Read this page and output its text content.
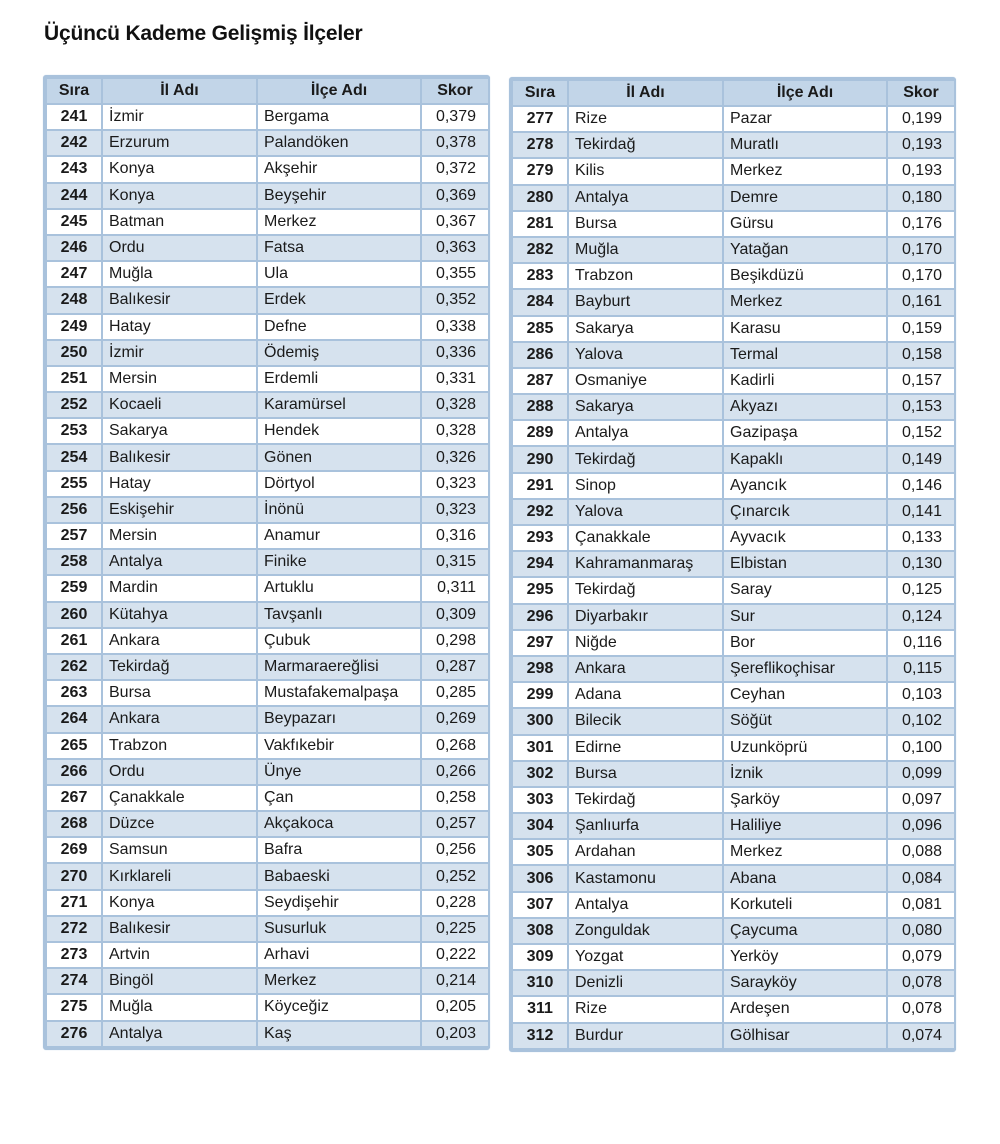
Üçüncü Kademe Gelişmiş İlçeler
Sıra	İl Adı	İlçe Adı	Skor
241	İzmir	Bergama	0,379
242	Erzurum	Palandöken	0,378
243	Konya	Akşehir	0,372
244	Konya	Beyşehir	0,369
245	Batman	Merkez	0,367
246	Ordu	Fatsa	0,363
247	Muğla	Ula	0,355
248	Balıkesir	Erdek	0,352
249	Hatay	Defne	0,338
250	İzmir	Ödemiş	0,336
251	Mersin	Erdemli	0,331
252	Kocaeli	Karamürsel	0,328
253	Sakarya	Hendek	0,328
254	Balıkesir	Gönen	0,326
255	Hatay	Dörtyol	0,323
256	Eskişehir	İnönü	0,323
257	Mersin	Anamur	0,316
258	Antalya	Finike	0,315
259	Mardin	Artuklu	0,311
260	Kütahya	Tavşanlı	0,309
261	Ankara	Çubuk	0,298
262	Tekirdağ	Marmaraereğlisi	0,287
263	Bursa	Mustafakemalpaşa	0,285
264	Ankara	Beypazarı	0,269
265	Trabzon	Vakfıkebir	0,268
266	Ordu	Ünye	0,266
267	Çanakkale	Çan	0,258
268	Düzce	Akçakoca	0,257
269	Samsun	Bafra	0,256
270	Kırklareli	Babaeski	0,252
271	Konya	Seydişehir	0,228
272	Balıkesir	Susurluk	0,225
273	Artvin	Arhavi	0,222
274	Bingöl	Merkez	0,214
275	Muğla	Köyceğiz	0,205
276	Antalya	Kaş	0,203
Sıra	İl Adı	İlçe Adı	Skor
277	Rize	Pazar	0,199
278	Tekirdağ	Muratlı	0,193
279	Kilis	Merkez	0,193
280	Antalya	Demre	0,180
281	Bursa	Gürsu	0,176
282	Muğla	Yatağan	0,170
283	Trabzon	Beşikdüzü	0,170
284	Bayburt	Merkez	0,161
285	Sakarya	Karasu	0,159
286	Yalova	Termal	0,158
287	Osmaniye	Kadirli	0,157
288	Sakarya	Akyazı	0,153
289	Antalya	Gazipaşa	0,152
290	Tekirdağ	Kapaklı	0,149
291	Sinop	Ayancık	0,146
292	Yalova	Çınarcık	0,141
293	Çanakkale	Ayvacık	0,133
294	Kahramanmaraş	Elbistan	0,130
295	Tekirdağ	Saray	0,125
296	Diyarbakır	Sur	0,124
297	Niğde	Bor	0,116
298	Ankara	Şereflikoçhisar	0,115
299	Adana	Ceyhan	0,103
300	Bilecik	Söğüt	0,102
301	Edirne	Uzunköprü	0,100
302	Bursa	İznik	0,099
303	Tekirdağ	Şarköy	0,097
304	Şanlıurfa	Haliliye	0,096
305	Ardahan	Merkez	0,088
306	Kastamonu	Abana	0,084
307	Antalya	Korkuteli	0,081
308	Zonguldak	Çaycuma	0,080
309	Yozgat	Yerköy	0,079
310	Denizli	Sarayköy	0,078
311	Rize	Ardeşen	0,078
312	Burdur	Gölhisar	0,074
